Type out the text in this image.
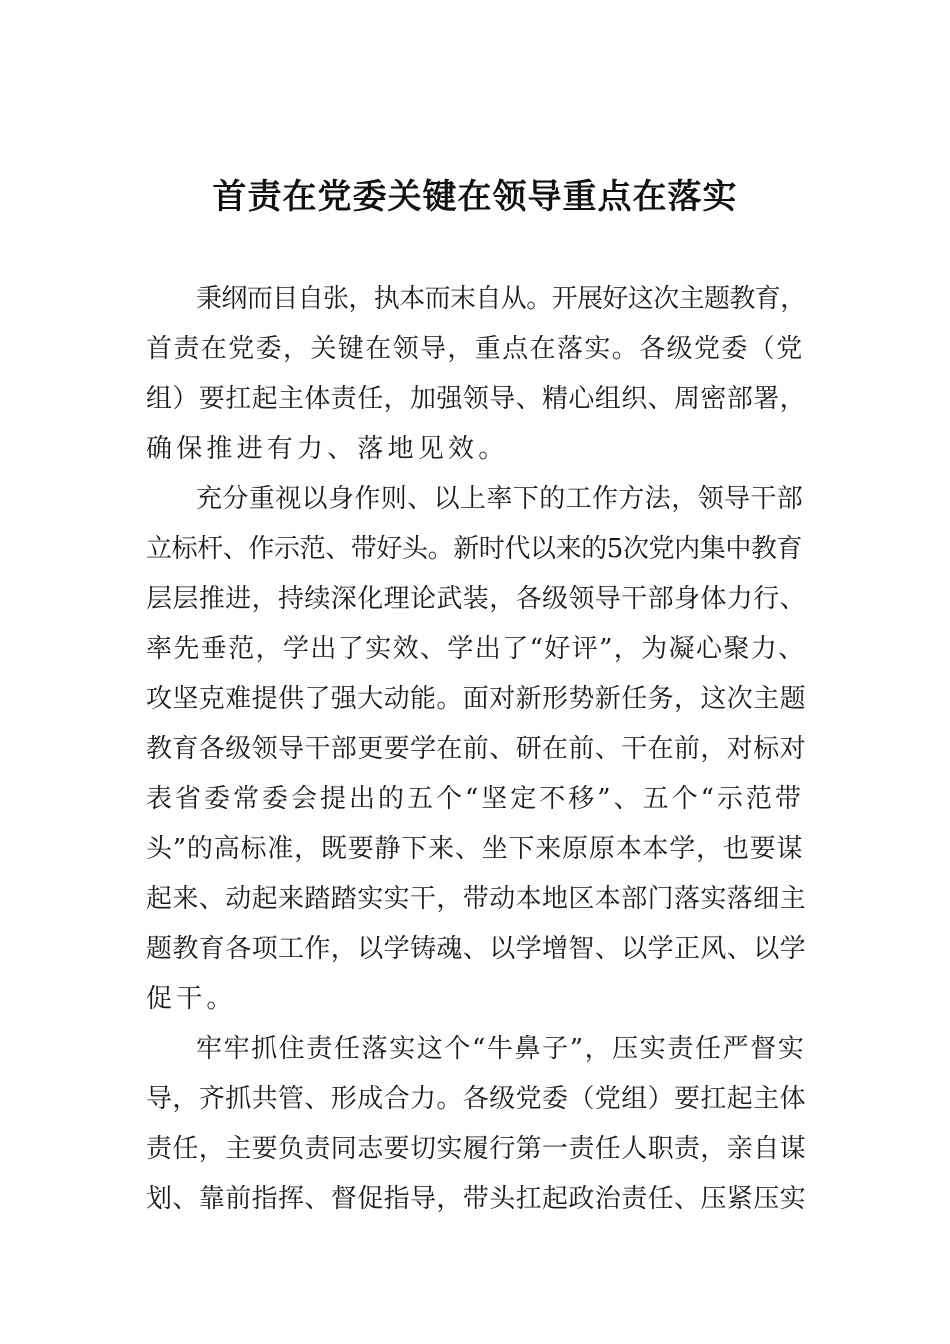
首责在党委关键在领导重点在落实
秉纲而目自张，执本而末自从。开展好这次主题教育，
首责在党委，关键在领导，重点在落实。各级党委（党
组）要扛起主体责任，加强领导、精心组织、周密部署，
确保推进有力、落地见效。
充分重视以身作则、以上率下的工作方法，领导干部
立标杆、作示范、带好头。新时代以来的5次党内集中教育
层层推进，持续深化理论武装，各级领导干部身体力行、
率先垂范，学出了实效、学出了“好评”，为凝心聚力、
攻坚克难提供了强大动能。面对新形势新任务，这次主题
教育各级领导干部更要学在前、研在前、干在前，对标对
表省委常委会提出的五个“坚定不移”、五个“示范带
头”的高标准，既要静下来、坐下来原原本本学，也要谋
起来、动起来踏踏实实干，带动本地区本部门落实落细主
题教育各项工作，以学铸魂、以学增智、以学正风、以学
促干。
牢牢抓住责任落实这个“牛鼻子”，压实责任严督实
导，齐抓共管、形成合力。各级党委（党组）要扛起主体
责任，主要负责同志要切实履行第一责任人职责，亲自谋
划、靠前指挥、督促指导，带头扛起政治责任、压紧压实
